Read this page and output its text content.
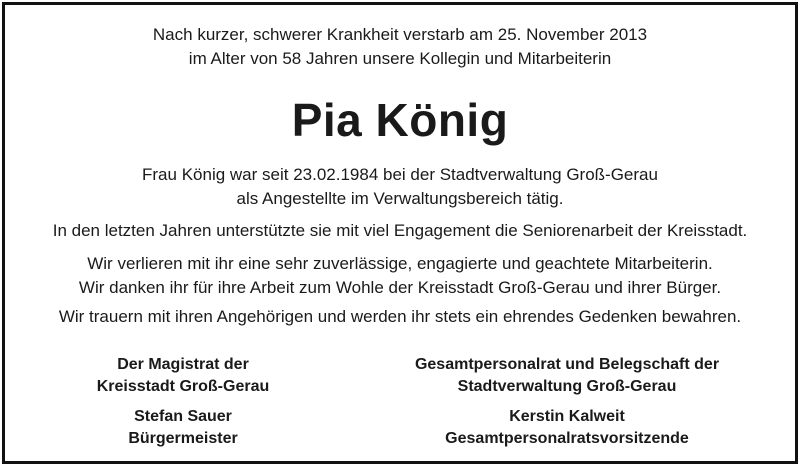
Nach kurzer, schwerer Krankheit verstarb am 25. November 2013
im Alter von 58 Jahren unsere Kollegin und Mitarbeiterin
Pia König
Frau König war seit 23.02.1984 bei der Stadtverwaltung Groß-Gerau
als Angestellte im Verwaltungsbereich tätig.
In den letzten Jahren unterstützte sie mit viel Engagement die Seniorenarbeit der Kreisstadt.
Wir verlieren mit ihr eine sehr zuverlässige, engagierte und geachtete Mitarbeiterin.
Wir danken ihr für ihre Arbeit zum Wohle der Kreisstadt Groß-Gerau und ihrer Bürger.
Wir trauern mit ihren Angehörigen und werden ihr stets ein ehrendes Gedenken bewahren.
Der Magistrat der
Kreisstadt Groß-Gerau
Stefan Sauer
Bürgermeister
Gesamtpersonalrat und Belegschaft der
Stadtverwaltung Groß-Gerau
Kerstin Kalweit
Gesamtpersonalratsvorsitzende
